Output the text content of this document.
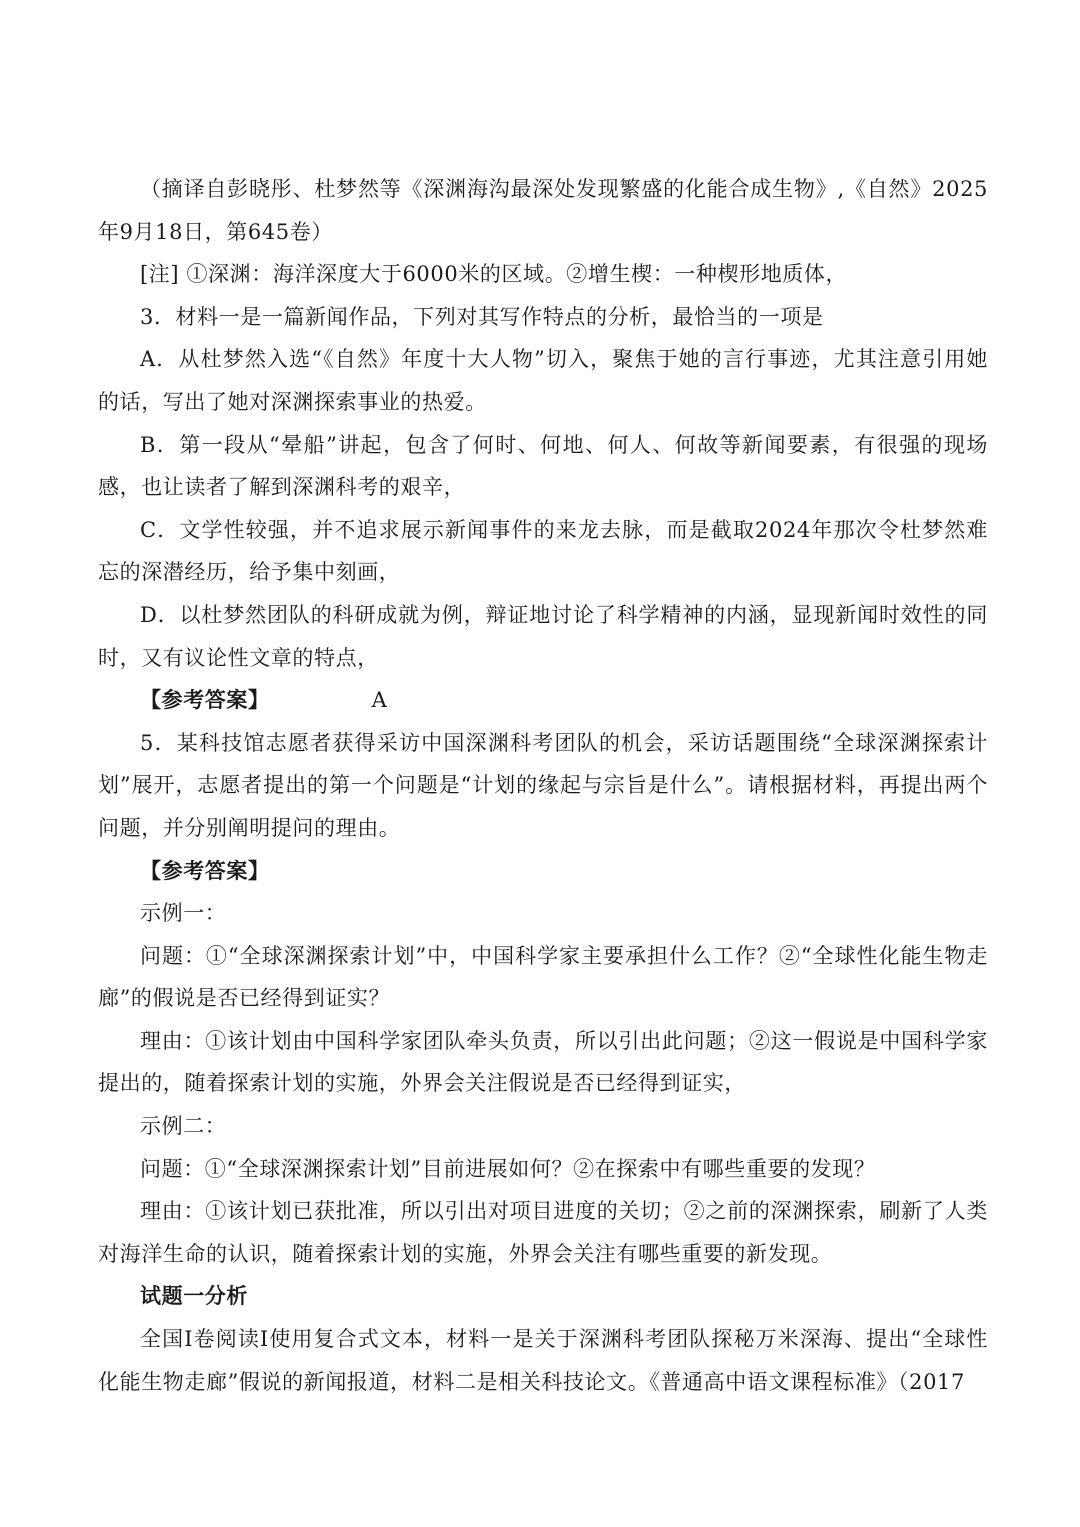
（摘译自彭晓彤、杜梦然等《深渊海沟最深处发现繁盛的化能合成生物》,《自然》2025年9月18日，第645卷）

[注] ①深渊：海洋深度大于6000米的区域。②增生楔：一种楔形地质体，

3．材料一是一篇新闻作品，下列对其写作特点的分析，最恰当的一项是

A．从杜梦然入选“《自然》年度十大人物”切入，聚焦于她的言行事迹，尤其注意引用她的话，写出了她对深渊探索事业的热爱。

B．第一段从“晕船”讲起，包含了何时、何地、何人、何故等新闻要素，有很强的现场感，也让读者了解到深渊科考的艰辛，

C．文学性较强，并不追求展示新闻事件的来龙去脉，而是截取2024年那次令杜梦然难忘的深潜经历，给予集中刻画，

D．以杜梦然团队的科研成就为例，辩证地讨论了科学精神的内涵，显现新闻时效性的同时，又有议论性文章的特点，

【参考答案】	A

5．某科技馆志愿者获得采访中国深渊科考团队的机会，采访话题围绕“全球深渊探索计划”展开，志愿者提出的第一个问题是“计划的缘起与宗旨是什么”。请根据材料，再提出两个问题，并分别阐明提问的理由。

【参考答案】

示例一：

问题：①“全球深渊探索计划”中，中国科学家主要承担什么工作？②“全球性化能生物走廊”的假说是否已经得到证实？

理由：①该计划由中国科学家团队牵头负责，所以引出此问题；②这一假说是中国科学家提出的，随着探索计划的实施，外界会关注假说是否已经得到证实，

示例二：

问题：①“全球深渊探索计划”目前进展如何？②在探索中有哪些重要的发现？

理由：①该计划已获批准，所以引出对项目进度的关切；②之前的深渊探索，刷新了人类对海洋生命的认识，随着探索计划的实施，外界会关注有哪些重要的新发现。

试题一分析

全国Ⅰ卷阅读Ⅰ使用复合式文本，材料一是关于深渊科考团队探秘万米深海、提出“全球性化能生物走廊”假说的新闻报道，材料二是相关科技论文。《普通高中语文课程标准》（2017
